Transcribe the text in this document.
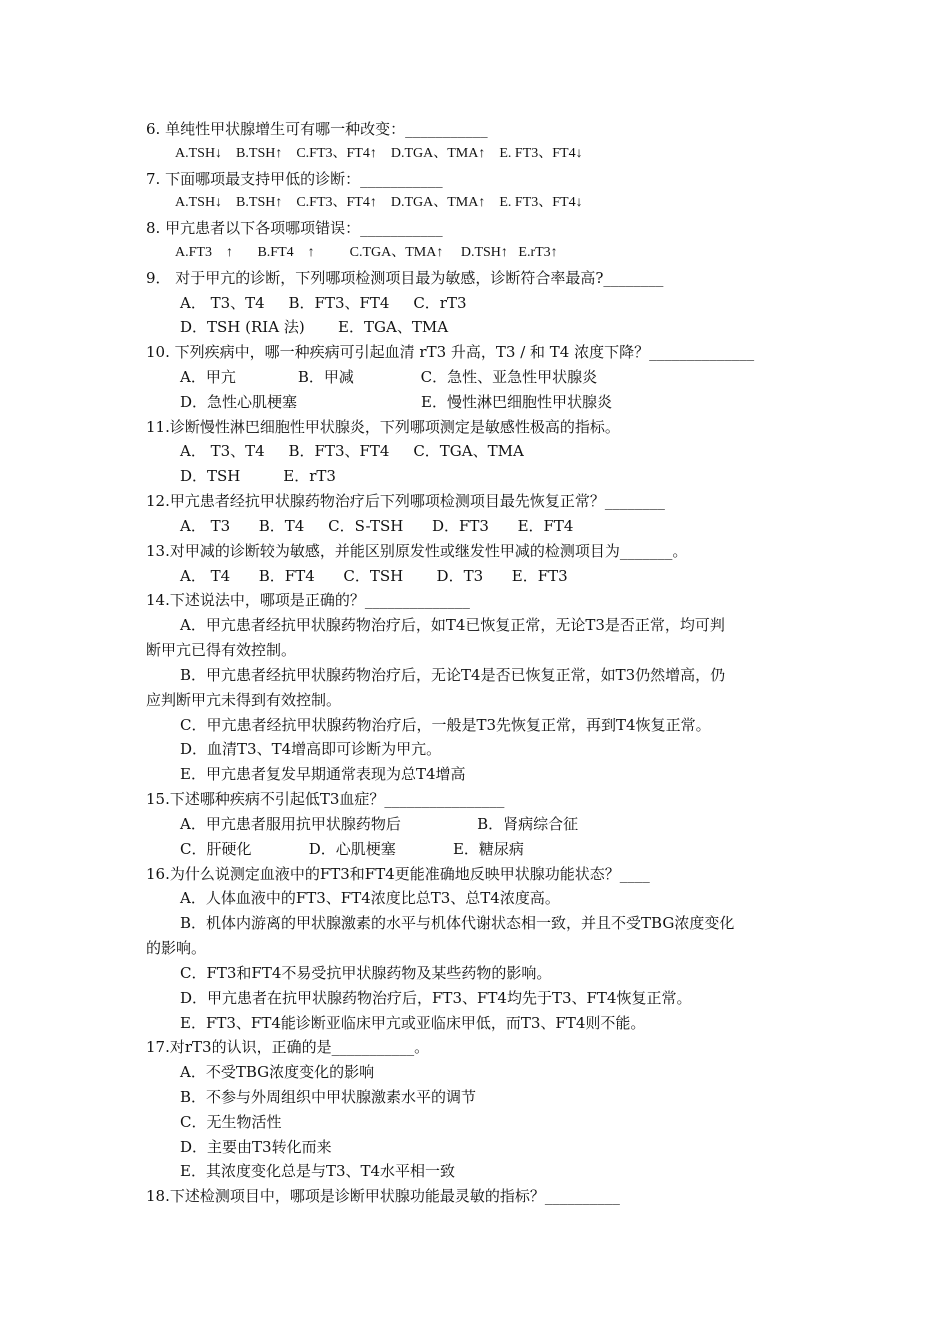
6. 单纯性甲状腺增生可有哪一种改变：___________
A.TSH↓    B.TSH↑    C.FT3、FT4↑    D.TGA、TMA↑    E. FT3、FT4↓
7. 下面哪项最支持甲低的诊断：___________
A.TSH↓    B.TSH↑    C.FT3、FT4↑    D.TGA、TMA↑    E. FT3、FT4↓
8. 甲亢患者以下各项哪项错误：___________
A.FT3    ↑       B.FT4    ↑          C.TGA、TMA↑     D.TSH↑   E.rT3↑
9． 对于甲亢的诊断，下列哪项检测项目最为敏感，诊断符合率最高?________
A． T3、T4     B．FT3、FT4     C．rT3
D．TSH (RIA 法)       E．TGA、TMA
10. 下列疾病中，哪一种疾病可引起血清 rT3 升高，T3 / 和 T4 浓度下降？______________
A．甲亢             B．甲减              C．急性、亚急性甲状腺炎
D．急性心肌梗塞                          E．慢性淋巴细胞性甲状腺炎
11.诊断慢性淋巴细胞性甲状腺炎，下列哪项测定是敏感性极高的指标。
A． T3、T4     B．FT3、FT4     C．TGA、TMA
D．TSH         E．rT3
12.甲亢患者经抗甲状腺药物治疗后下列哪项检测项目最先恢复正常？________
A． T3      B．T4     C．S-TSH      D．FT3      E．FT4
13.对甲减的诊断较为敏感，并能区别原发性或继发性甲减的检测项目为_______。
A． T4      B．FT4      C．TSH       D．T3      E．FT3
14.下述说法中，哪项是正确的？______________
A．甲亢患者经抗甲状腺药物治疗后，如T4已恢复正常，无论T3是否正常，均可判
断甲亢已得有效控制。
B．甲亢患者经抗甲状腺药物治疗后，无论T4是否已恢复正常，如T3仍然增高，仍
应判断甲亢未得到有效控制。
C．甲亢患者经抗甲状腺药物治疗后，一般是T3先恢复正常，再到T4恢复正常。
D．血清T3、T4增高即可诊断为甲亢。
E．甲亢患者复发早期通常表现为总T4增高
15.下述哪种疾病不引起低T3血症？________________
A．甲亢患者服用抗甲状腺药物后                B．肾病综合征
C．肝硬化            D．心肌梗塞            E．糖尿病
16.为什么说测定血液中的FT3和FT4更能准确地反映甲状腺功能状态？____
A．人体血液中的FT3、FT4浓度比总T3、总T4浓度高。
B．机体内游离的甲状腺激素的水平与机体代谢状态相一致，并且不受TBG浓度变化
的影响。
C．FT3和FT4不易受抗甲状腺药物及某些药物的影响。
D．甲亢患者在抗甲状腺药物治疗后，FT3、FT4均先于T3、FT4恢复正常。
E．FT3、FT4能诊断亚临床甲亢或亚临床甲低，而T3、FT4则不能。
17.对rT3的认识，正确的是___________。
A．不受TBG浓度变化的影响
B．不参与外周组织中甲状腺激素水平的调节
C．无生物活性
D．主要由T3转化而来
E．其浓度变化总是与T3、T4水平相一致
18.下述检测项目中，哪项是诊断甲状腺功能最灵敏的指标？__________
